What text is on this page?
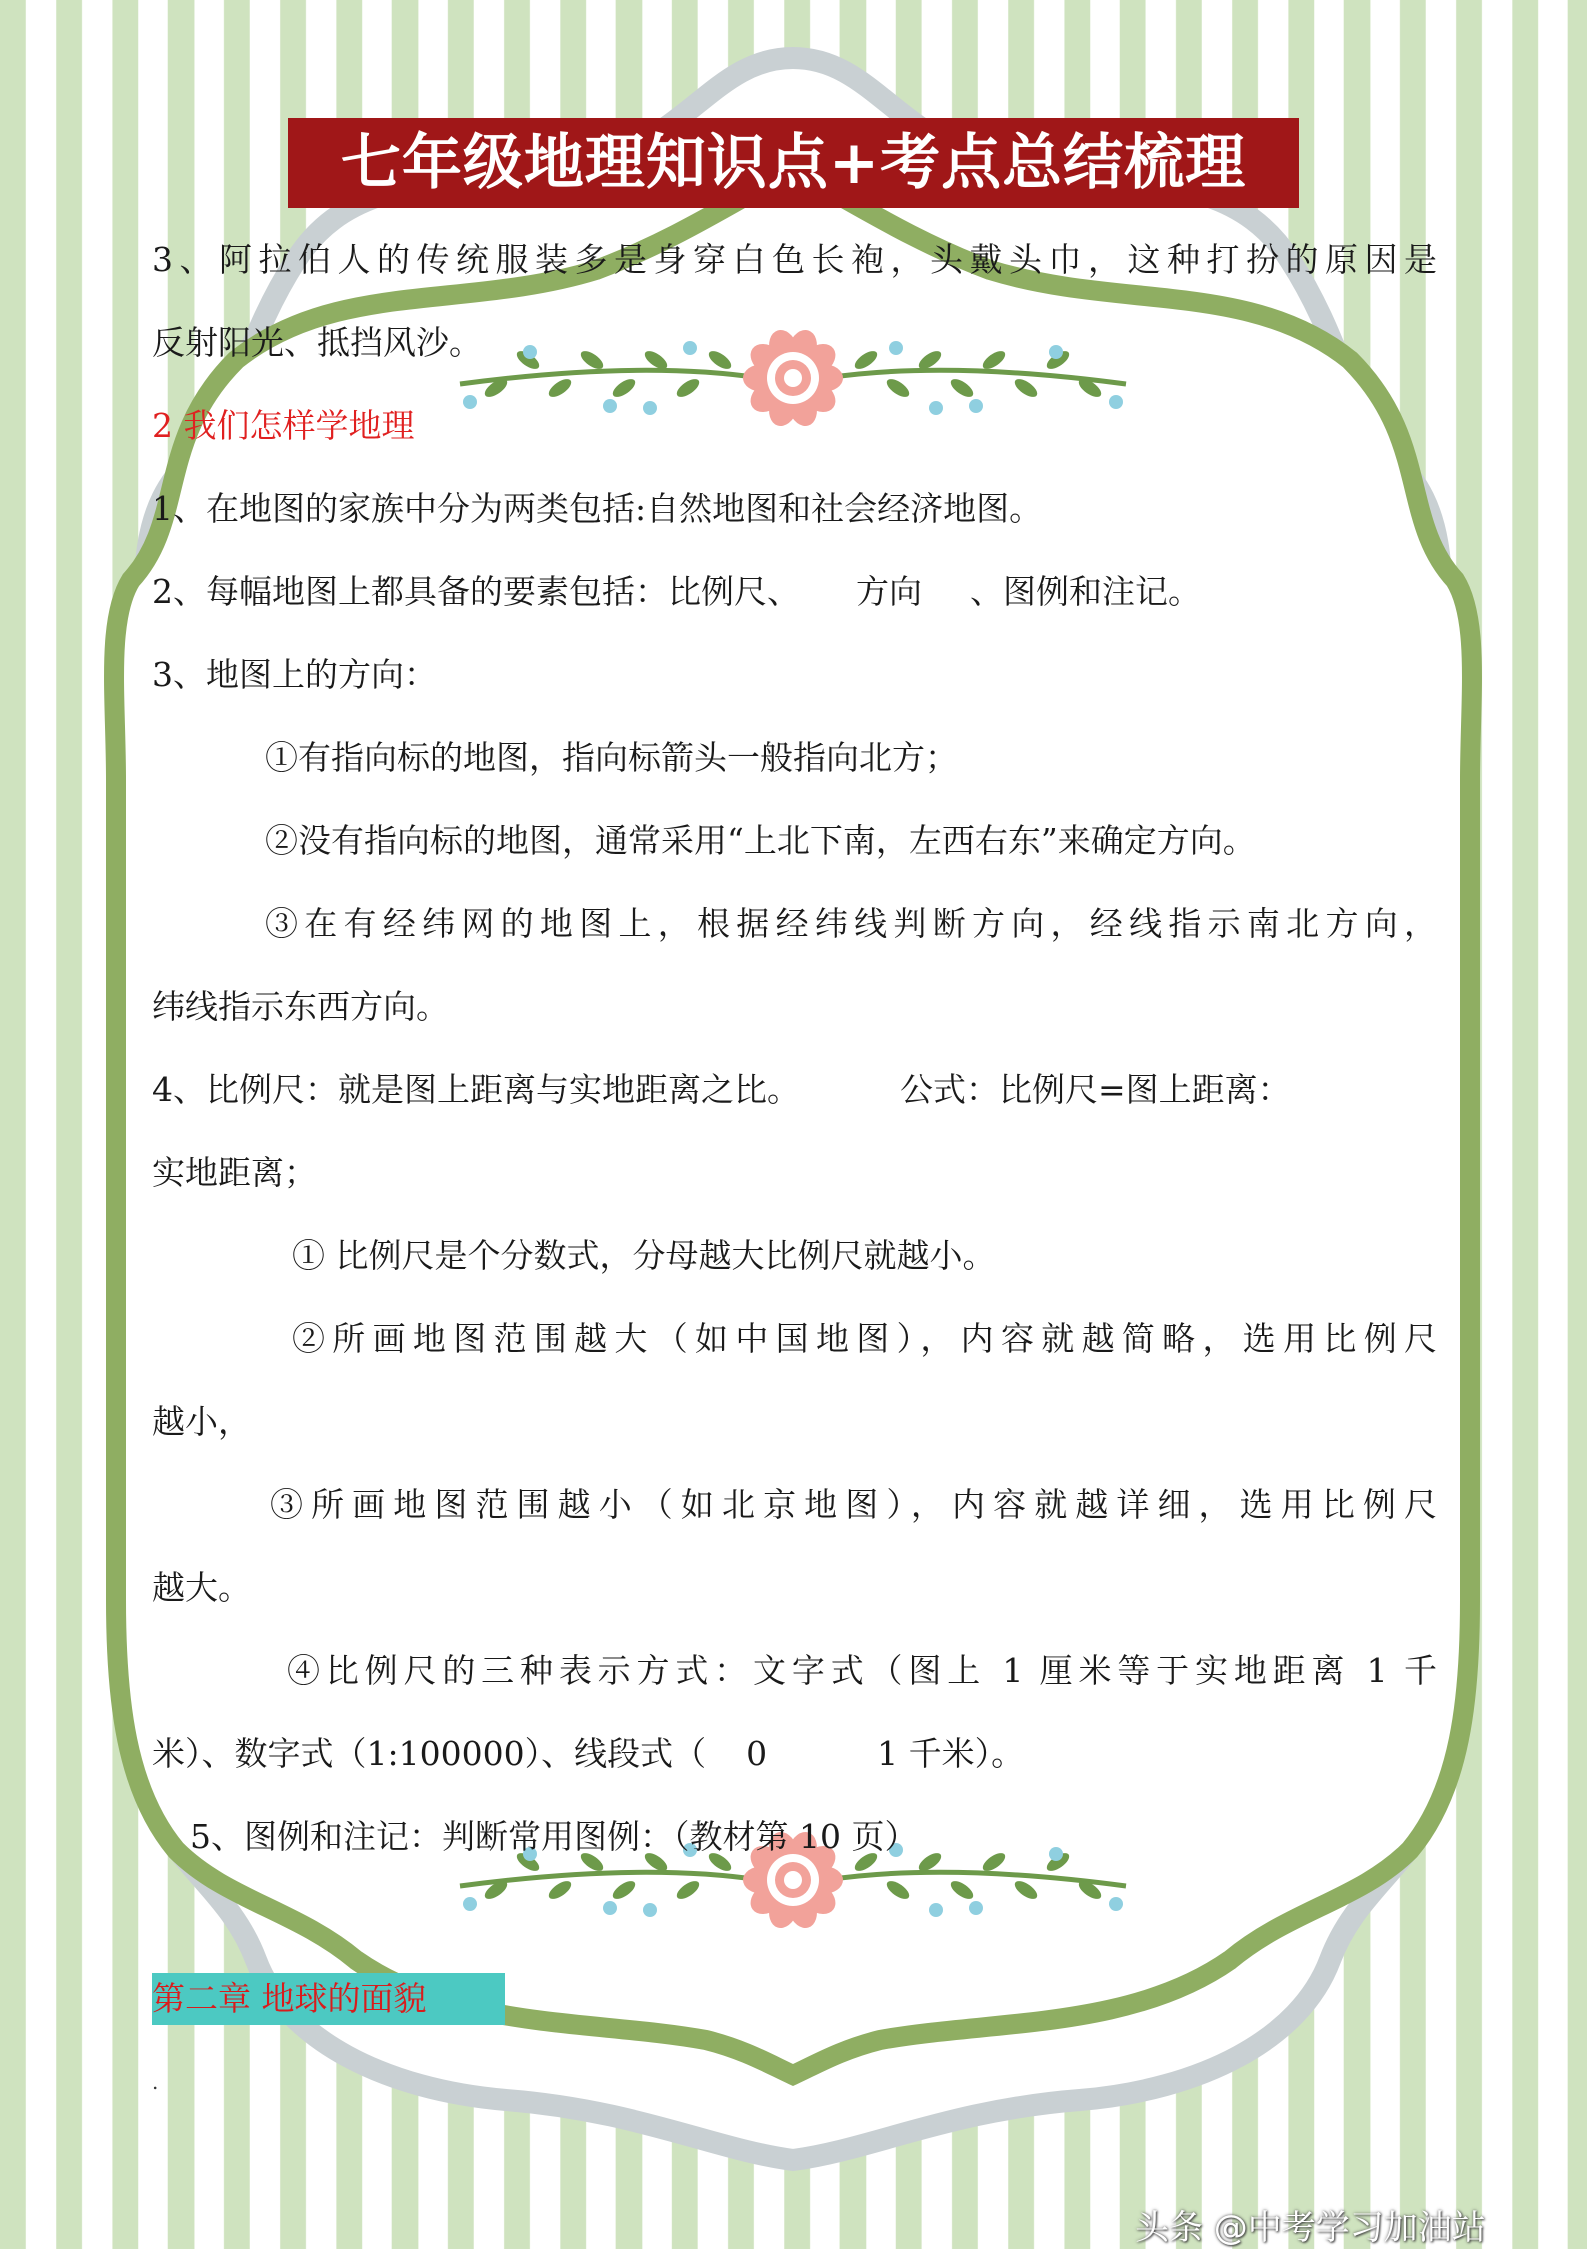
七年级地理知识点+考点总结梳理
3、阿拉伯人的传统服装多是身穿白色长袍，头戴头巾，这种打扮的原因是
反射阳光、抵挡风沙。
2 我们怎样学地理
1、在地图的家族中分为两类包括:自然地图和社会经济地图。
2、每幅地图上都具备的要素包括：比例尺、 方向 、图例和注记。
3、地图上的方向：
①有指向标的地图，指向标箭头一般指向北方；
②没有指向标的地图，通常采用“上北下南，左西右东”来确定方向。
③在有经纬网的地图上，根据经纬线判断方向，经线指示南北方向，
纬线指示东西方向。
4、比例尺：就是图上距离与实地距离之比。	公式：比例尺=图上距离：
实地距离；
① 比例尺是个分数式，分母越大比例尺就越小。
②所画地图范围越大（如中国地图），内容就越简略，选用比例尺
越小，
③所画地图范围越小（如北京地图），内容就越详细，选用比例尺
越大。
④比例尺的三种表示方式：文字式（图上 1 厘米等于实地距离 1 千
米）、数字式（1:100000）、线段式（ 0	1 千米）。
5、图例和注记：判断常用图例：（教材第 10 页）
第二章 地球的面貌
.
头条 @中考学习加油站
